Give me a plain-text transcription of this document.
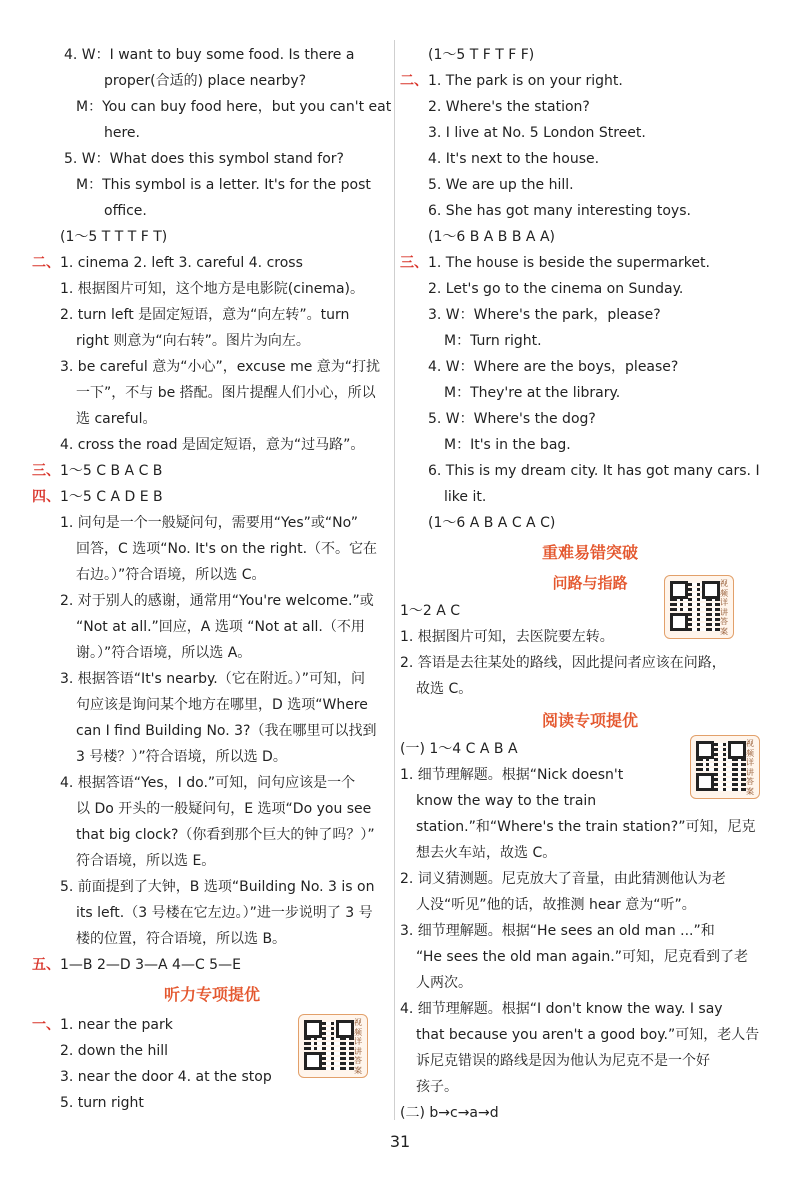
4. W：I want to buy some food. Is there a
proper(合适的) place nearby?
M：You can buy food here，but you can't eat
here.
5. W：What does this symbol stand for?
M：This symbol is a letter. It's for the post
office.
(1～5 T T T F T)
二、1. cinema 2. left 3. careful 4. cross
1. 根据图片可知，这个地方是电影院(cinema)。
2. turn left 是固定短语，意为“向左转”。turn
right 则意为“向右转”。图片为向左。
3. be careful 意为“小心”，excuse me 意为“打扰
一下”，不与 be 搭配。图片提醒人们小心，所以
选 careful。
4. cross the road 是固定短语，意为“过马路”。
三、1～5 C B A C B
四、1～5 C A D E B
1. 问句是一个一般疑问句，需要用“Yes”或“No”
回答，C 选项“No. It's on the right.（不。它在
右边。）”符合语境，所以选 C。
2. 对于别人的感谢，通常用“You're welcome.”或
“Not at all.”回应，A 选项 “Not at all.（不用
谢。）”符合语境，所以选 A。
3. 根据答语“It's nearby.（它在附近。）”可知，问
句应该是询问某个地方在哪里，D 选项“Where
can I find Building No. 3?（我在哪里可以找到
3 号楼？）”符合语境，所以选 D。
4. 根据答语“Yes，I do.”可知，问句应该是一个
以 Do 开头的一般疑问句，E 选项“Do you see
that big clock?（你看到那个巨大的钟了吗？）”
符合语境，所以选 E。
5. 前面提到了大钟，B 选项“Building No. 3 is on
its left.（3 号楼在它左边。）”进一步说明了 3 号
楼的位置，符合语境，所以选 B。
五、1—B 2—D 3—A 4—C 5—E
听力专项提优
一、1. near the park
2. down the hill
3. near the door 4. at the stop
5. turn right
(1～5 T F T F F)
二、1. The park is on your right.
2. Where's the station?
3. I live at No. 5 London Street.
4. It's next to the house.
5. We are up the hill.
6. She has got many interesting toys.
(1～6 B A B B A A)
三、1. The house is beside the supermarket.
2. Let's go to the cinema on Sunday.
3. W：Where's the park，please?
M：Turn right.
4. W：Where are the boys，please?
M：They're at the library.
5. W：Where's the dog?
M：It's in the bag.
6. This is my dream city. It has got many cars. I
like it.
(1～6 A B A C A C)
重难易错突破
问路与指路
1～2 A C
1. 根据图片可知，去医院要左转。
2. 答语是去往某处的路线，因此提问者应该在问路，
故选 C。
阅读专项提优
(一) 1～4 C A B A
1. 细节理解题。根据“Nick doesn't
know the way to the train
station.”和“Where's the train station?”可知，尼克
想去火车站，故选 C。
2. 词义猜测题。尼克放大了音量，由此猜测他认为老
人没“听见”他的话，故推测 hear 意为“听”。
3. 细节理解题。根据“He sees an old man ...”和
“He sees the old man again.”可知，尼克看到了老
人两次。
4. 细节理解题。根据“I don't know the way. I say
that because you aren't a good boy.”可知，老人告
诉尼克错误的路线是因为他认为尼克不是一个好
孩子。
(二) b→c→a→d
视频详讲答案
视频详讲答案
视频详讲答案
31
